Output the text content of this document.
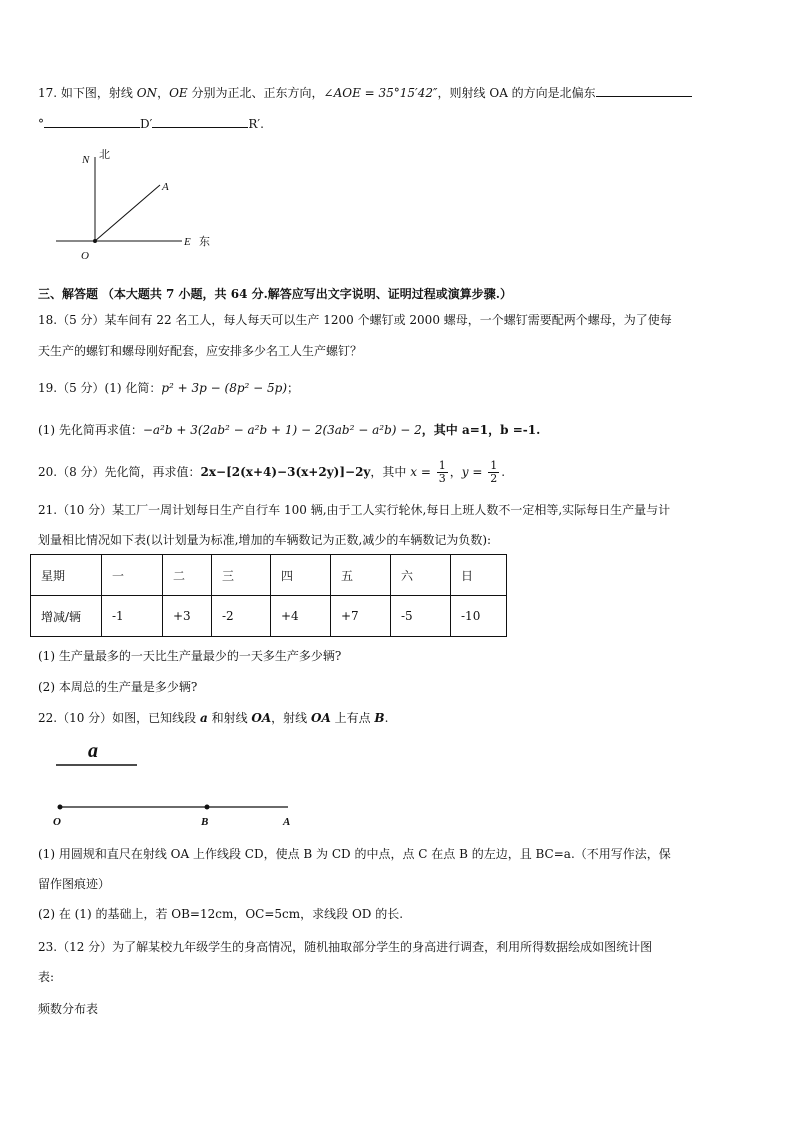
17. 如下图，射线 ON，OE 分别为正北、正东方向，∠AOE = 35°15′42″，则射线 OA 的方向是北偏东
°	D′	R′.
N 北
A
E 东
O
三、解答题 （本大题共 7 小题，共 64 分.解答应写出文字说明、证明过程或演算步骤.）
18.（5 分）某车间有 22 名工人，每人每天可以生产 1200 个螺钉或 2000 螺母，一个螺钉需要配两个螺母，为了使每
天生产的螺钉和螺母刚好配套，应安排多少名工人生产螺钉？
19.（5 分）(1) 化简：p² + 3p − (8p² − 5p)；
(1) 先化简再求值：−a²b + 3(2ab² − a²b + 1) − 2(3ab² − a²b) − 2，其中 a=1，b =-1.
20.（8 分）先化简，再求值：2x−[2(x+4)−3(x+2y)]−2y，其中 $x = \frac{1}{3}$ ，$y = \frac{1}{2}$ .
21.（10 分）某工厂一周计划每日生产自行车 100 辆,由于工人实行轮休,每日上班人数不一定相等,实际每日生产量与计
划量相比情况如下表(以计划量为标准,增加的车辆数记为正数,减少的车辆数记为负数):
星期	一	二	三	四	五	六	日
增减/辆	-1	+3	-2	+4	+7	-5	-10
(1) 生产量最多的一天比生产量最少的一天多生产多少辆?
(2) 本周总的生产量是多少辆?
22.（10 分）如图，已知线段 a 和射线 OA，射线 OA 上有点 B.
a
O	B	A
(1) 用圆规和直尺在射线 OA 上作线段 CD，使点 B 为 CD 的中点，点 C 在点 B 的左边，且 BC=a.（不用写作法，保
留作图痕迹）
(2) 在 (1) 的基础上，若 OB=12cm，OC=5cm，求线段 OD 的长.
23.（12 分）为了解某校九年级学生的身高情况，随机抽取部分学生的身高进行调查，利用所得数据绘成如图统计图
表:
频数分布表
